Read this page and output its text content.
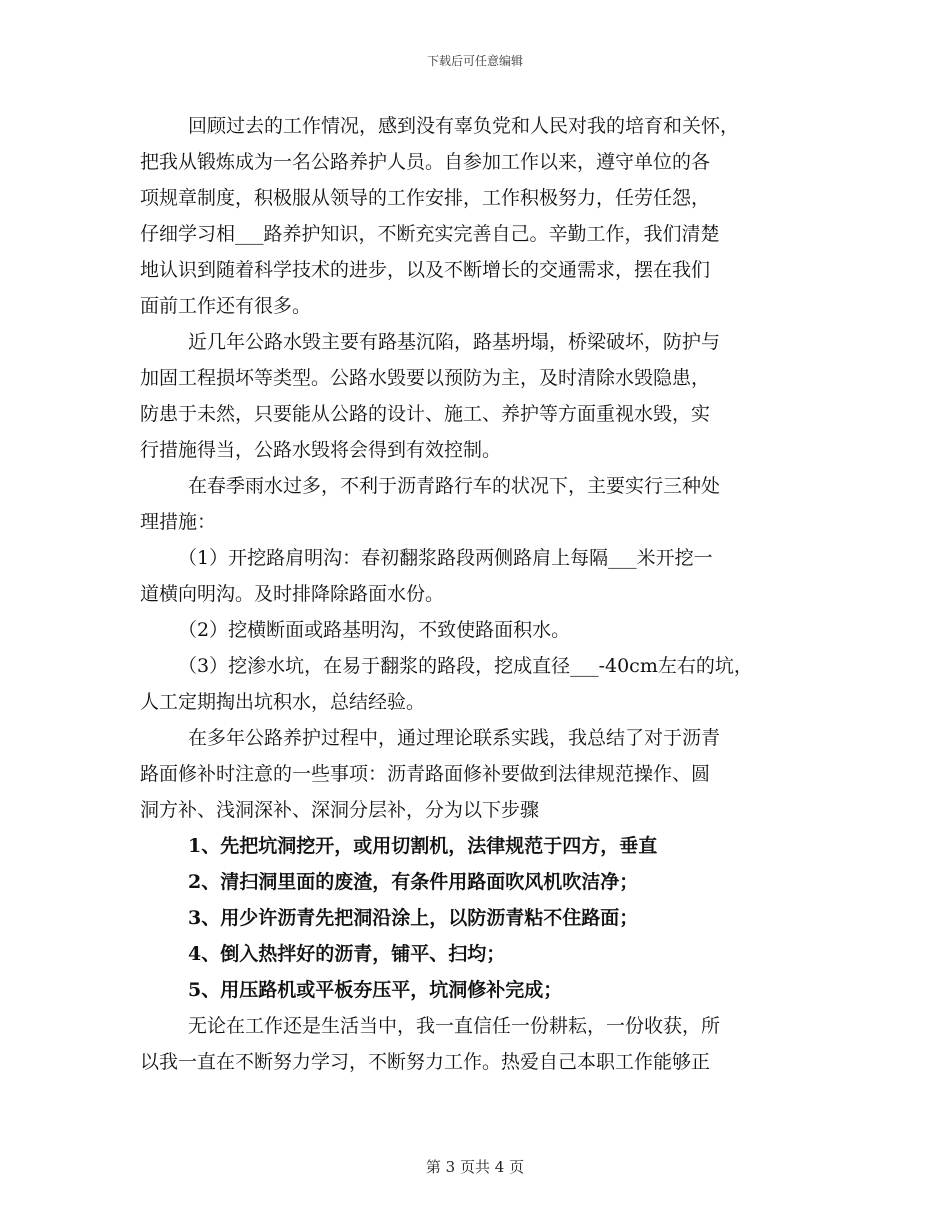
下载后可任意编辑
回顾过去的工作情况，感到没有辜负党和人民对我的培育和关怀，
把我从锻炼成为一名公路养护人员。自参加工作以来，遵守单位的各
项规章制度，积极服从领导的工作安排，工作积极努力，任劳任怨，
仔细学习相___路养护知识，不断充实完善自己。辛勤工作，我们清楚
地认识到随着科学技术的进步，以及不断增长的交通需求，摆在我们
面前工作还有很多。
近几年公路水毁主要有路基沉陷，路基坍塌，桥梁破坏，防护与
加固工程损坏等类型。公路水毁要以预防为主，及时清除水毁隐患，
防患于未然，只要能从公路的设计、施工、养护等方面重视水毁，实
行措施得当，公路水毁将会得到有效控制。
在春季雨水过多，不利于沥青路行车的状况下，主要实行三种处
理措施：
（1）开挖路肩明沟：春初翻浆路段两侧路肩上每隔___米开挖一
道横向明沟。及时排降除路面水份。
（2）挖横断面或路基明沟，不致使路面积水。
（3）挖渗水坑，在易于翻浆的路段，挖成直径___-40cm左右的坑，
人工定期掏出坑积水，总结经验。
在多年公路养护过程中，通过理论联系实践，我总结了对于沥青
路面修补时注意的一些事项：沥青路面修补要做到法律规范操作、圆
洞方补、浅洞深补、深洞分层补，分为以下步骤
1、先把坑洞挖开，或用切割机，法律规范于四方，垂直
2、清扫洞里面的废渣，有条件用路面吹风机吹洁净；
3、用少许沥青先把洞沿涂上，以防沥青粘不住路面；
4、倒入热拌好的沥青，铺平、扫均；
5、用压路机或平板夯压平，坑洞修补完成；
无论在工作还是生活当中，我一直信任一份耕耘，一份收获，所
以我一直在不断努力学习，不断努力工作。热爱自己本职工作能够正
第 3 页共 4 页
